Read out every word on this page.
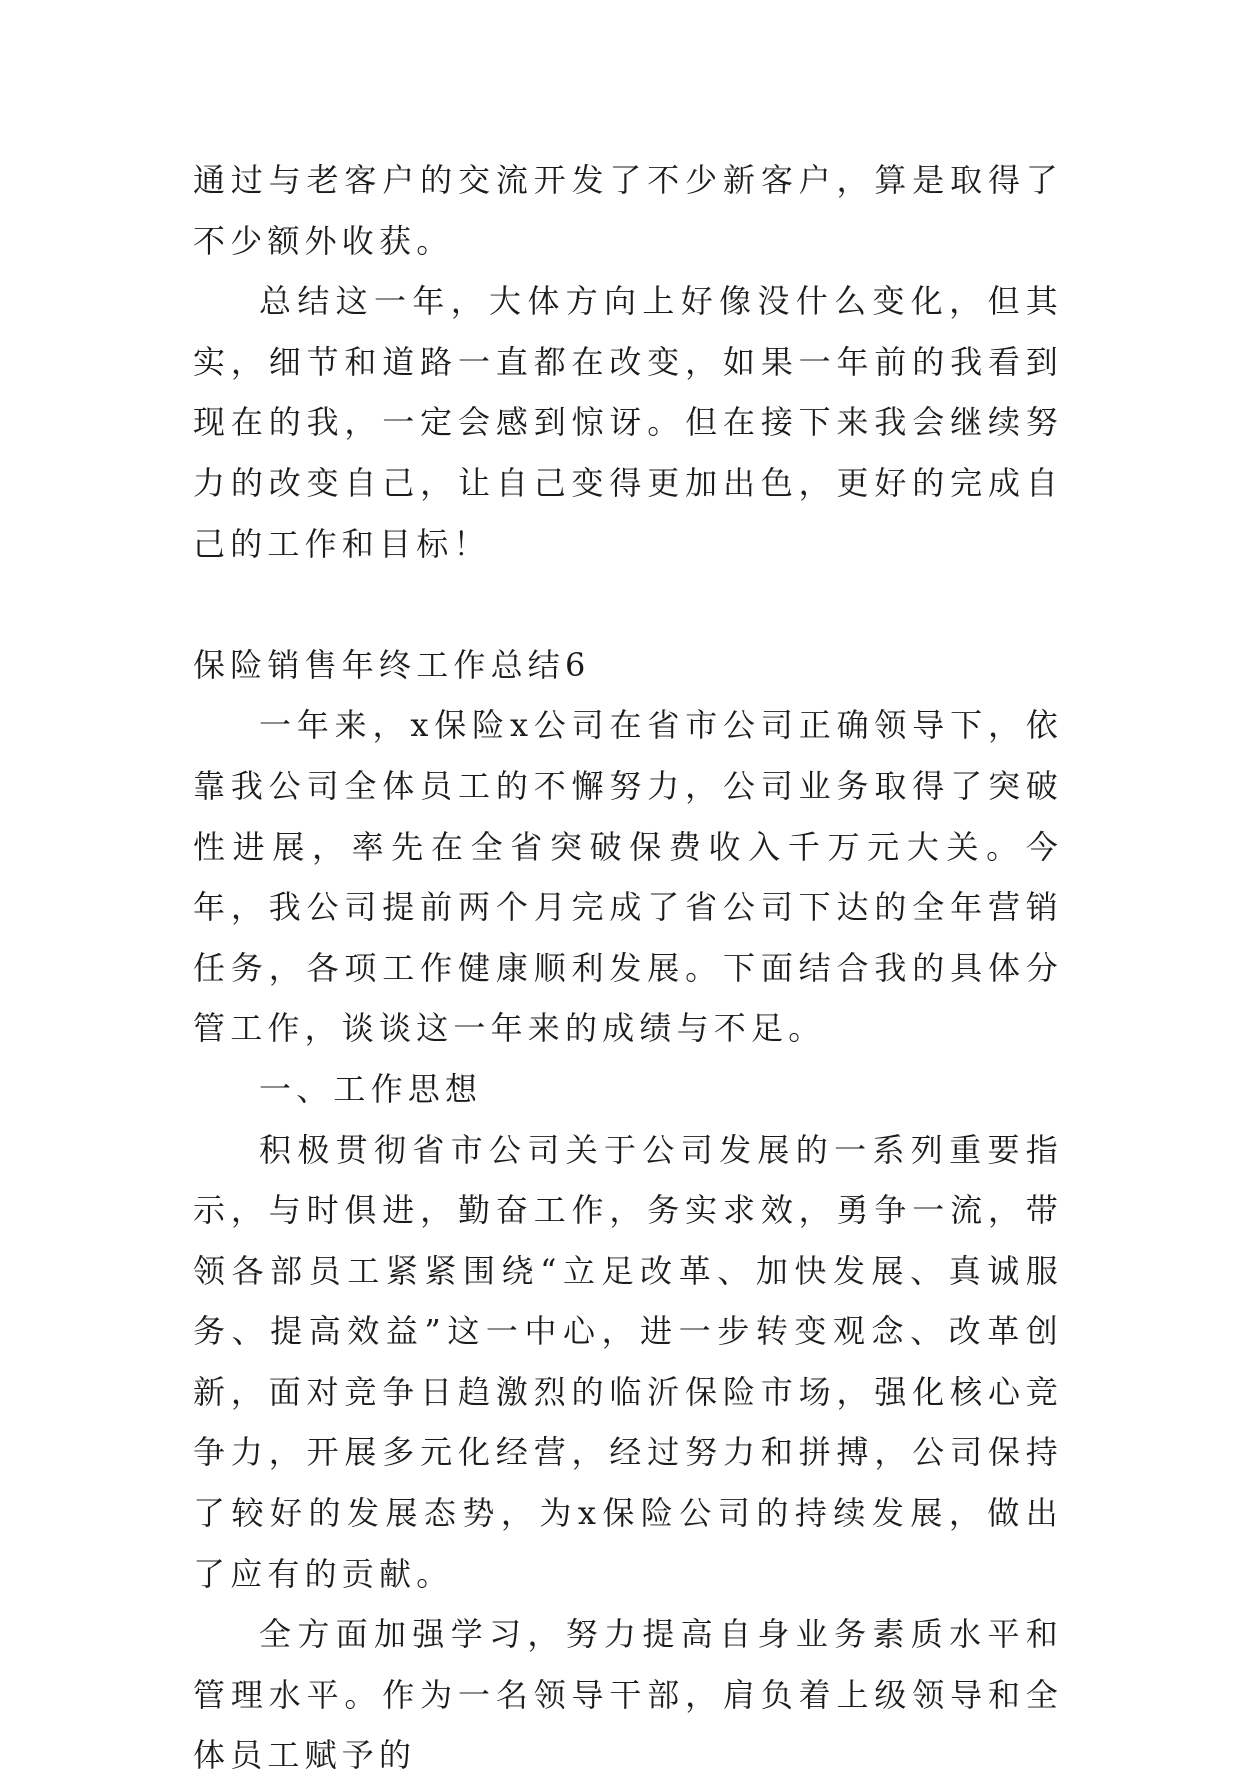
通过与老客户的交流开发了不少新客户，算是取得了不少额外收获。

总结这一年，大体方向上好像没什么变化，但其实，细节和道路一直都在改变，如果一年前的我看到现在的我，一定会感到惊讶。但在接下来我会继续努力的改变自己，让自己变得更加出色，更好的完成自己的工作和目标！

保险销售年终工作总结6

一年来，x保险x公司在省市公司正确领导下，依靠我公司全体员工的不懈努力，公司业务取得了突破性进展，率先在全省突破保费收入千万元大关。今年，我公司提前两个月完成了省公司下达的全年营销任务，各项工作健康顺利发展。下面结合我的具体分管工作，谈谈这一年来的成绩与不足。

一、工作思想

积极贯彻省市公司关于公司发展的一系列重要指示，与时俱进，勤奋工作，务实求效，勇争一流，带领各部员工紧紧围绕“立足改革、加快发展、真诚服务、提高效益”这一中心，进一步转变观念、改革创新，面对竞争日趋激烈的临沂保险市场，强化核心竞争力，开展多元化经营，经过努力和拼搏，公司保持了较好的发展态势，为x保险公司的持续发展，做出了应有的贡献。

全方面加强学习，努力提高自身业务素质水平和管理水平。作为一名领导干部，肩负着上级领导和全体员工赋予的
